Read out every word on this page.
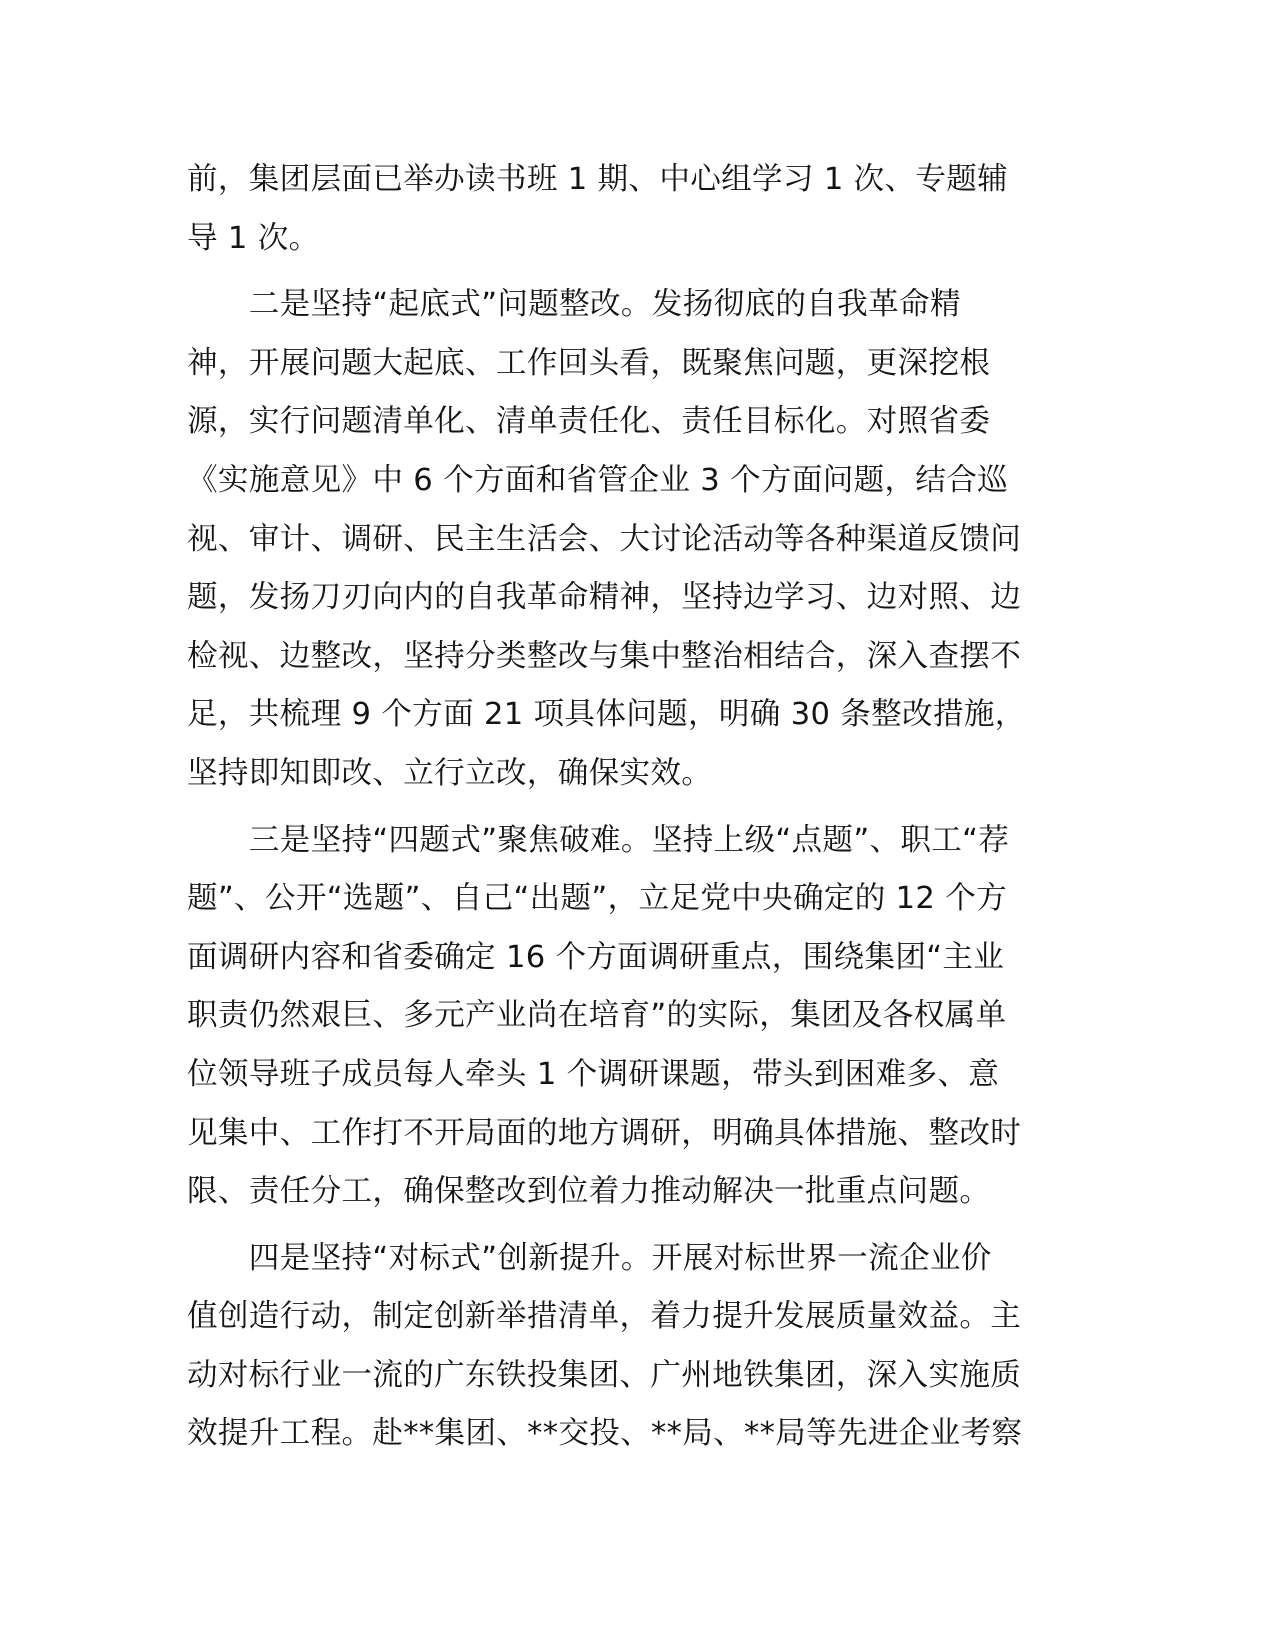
前，集团层面已举办读书班 1 期、中心组学习 1 次、专题辅
导 1 次。
　　二是坚持“起底式”问题整改。发扬彻底的自我革命精
神，开展问题大起底、工作回头看，既聚焦问题，更深挖根
源，实行问题清单化、清单责任化、责任目标化。对照省委
《实施意见》中 6 个方面和省管企业 3 个方面问题，结合巡
视、审计、调研、民主生活会、大讨论活动等各种渠道反馈问
题，发扬刀刃向内的自我革命精神，坚持边学习、边对照、边
检视、边整改，坚持分类整改与集中整治相结合，深入查摆不
足，共梳理 9 个方面 21 项具体问题，明确 30 条整改措施，
坚持即知即改、立行立改，确保实效。
　　三是坚持“四题式”聚焦破难。坚持上级“点题”、职工“荐
题”、公开“选题”、自己“出题”，立足党中央确定的 12 个方
面调研内容和省委确定 16 个方面调研重点，围绕集团“主业
职责仍然艰巨、多元产业尚在培育”的实际，集团及各权属单
位领导班子成员每人牵头 1 个调研课题，带头到困难多、意
见集中、工作打不开局面的地方调研，明确具体措施、整改时
限、责任分工，确保整改到位着力推动解决一批重点问题。
　　四是坚持“对标式”创新提升。开展对标世界一流企业价
值创造行动，制定创新举措清单，着力提升发展质量效益。主
动对标行业一流的广东铁投集团、广州地铁集团，深入实施质
效提升工程。赴**集团、**交投、**局、**局等先进企业考察
